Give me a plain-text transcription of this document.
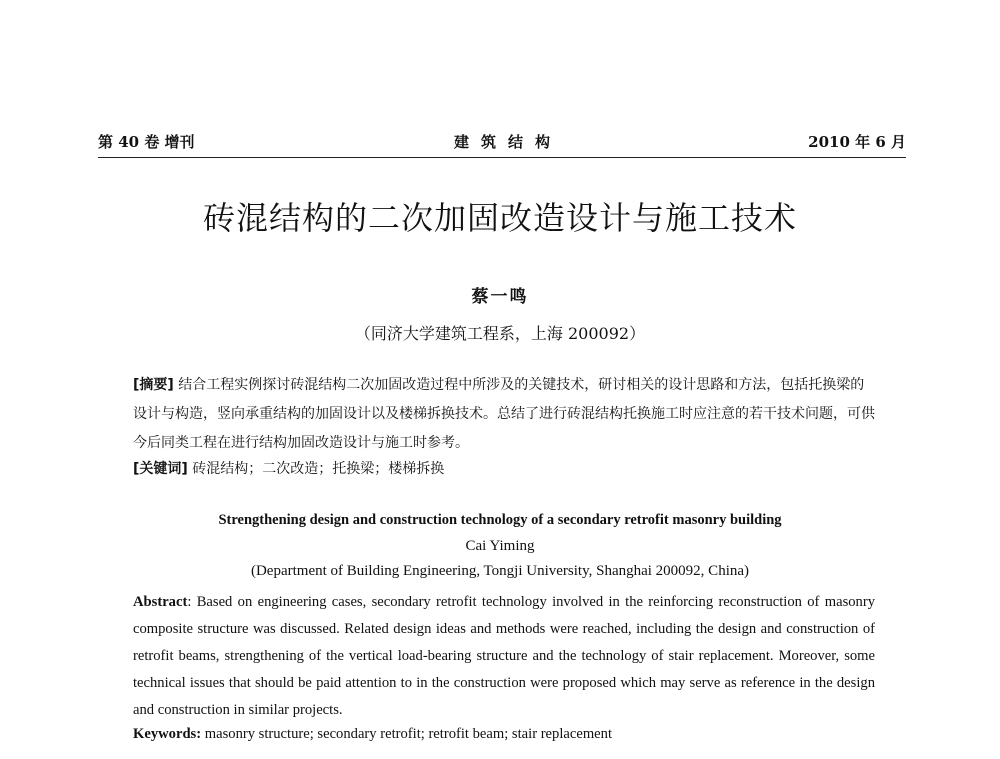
第 40 卷 增刊	建筑结构	2010 年 6 月
砖混结构的二次加固改造设计与施工技术
蔡一鸣
（同济大学建筑工程系，上海 200092）
[摘要] 结合工程实例探讨砖混结构二次加固改造过程中所涉及的关键技术，研讨相关的设计思路和方法，包括托换梁的设计与构造，竖向承重结构的加固设计以及楼梯拆换技术。总结了进行砖混结构托换施工时应注意的若干技术问题，可供今后同类工程在进行结构加固改造设计与施工时参考。
[关键词] 砖混结构；二次改造；托换梁；楼梯拆换
Strengthening design and construction technology of a secondary retrofit masonry building
Cai Yiming
(Department of Building Engineering, Tongji University, Shanghai 200092, China)
Abstract: Based on engineering cases, secondary retrofit technology involved in the reinforcing reconstruction of masonry composite structure was discussed. Related design ideas and methods were reached, including the design and construction of retrofit beams, strengthening of the vertical load-bearing structure and the technology of stair replacement. Moreover, some technical issues that should be paid attention to in the construction were proposed which may serve as reference in the design and construction in similar projects.
Keywords: masonry structure; secondary retrofit; retrofit beam; stair replacement
